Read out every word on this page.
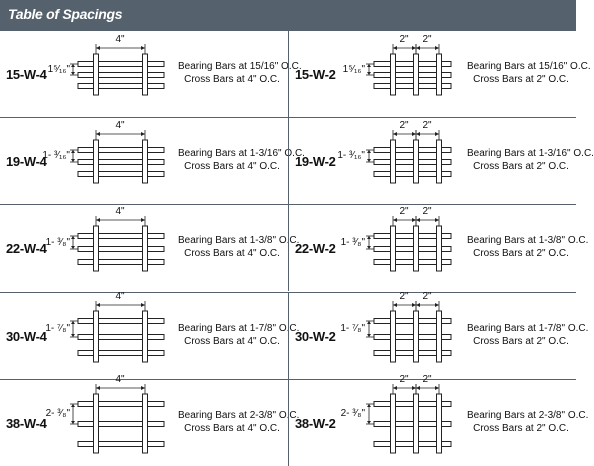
Table of Spacings
15-W-4
4"
1⁵⁄₁₆"	Bearing Bars at 15/16" O.C.
Cross Bars at 4" O.C.	15-W-2
2" 2"
1⁵⁄₁₆"	Bearing Bars at 15/16" O.C.
Cross Bars at 2" O.C.
19-W-4
4"
1- ³⁄₁₆"	Bearing Bars at 1-3/16" O.C.
Cross Bars at 4" O.C.	19-W-2
2" 2"
1- ³⁄₁₆"	Bearing Bars at 1-3/16" O.C.
Cross Bars at 2" O.C.
22-W-4
4"
1- ³⁄₈"	Bearing Bars at 1-3/8" O.C.
Cross Bars at 4" O.C.	22-W-2
2" 2"
1- ³⁄₈"	Bearing Bars at 1-3/8" O.C.
Cross Bars at 2" O.C.
30-W-4
4"
1- ⁷⁄₈"	Bearing Bars at 1-7/8" O.C.
Cross Bars at 4" O.C.	30-W-2
2" 2"
1- ⁷⁄₈"	Bearing Bars at 1-7/8" O.C.
Cross Bars at 2" O.C.
38-W-4
4"
2- ³⁄₈"	Bearing Bars at 2-3/8" O.C.
Cross Bars at 4" O.C.	38-W-2
2" 2"
2- ³⁄₈"	Bearing Bars at 2-3/8" O.C.
Cross Bars at 2" O.C.
